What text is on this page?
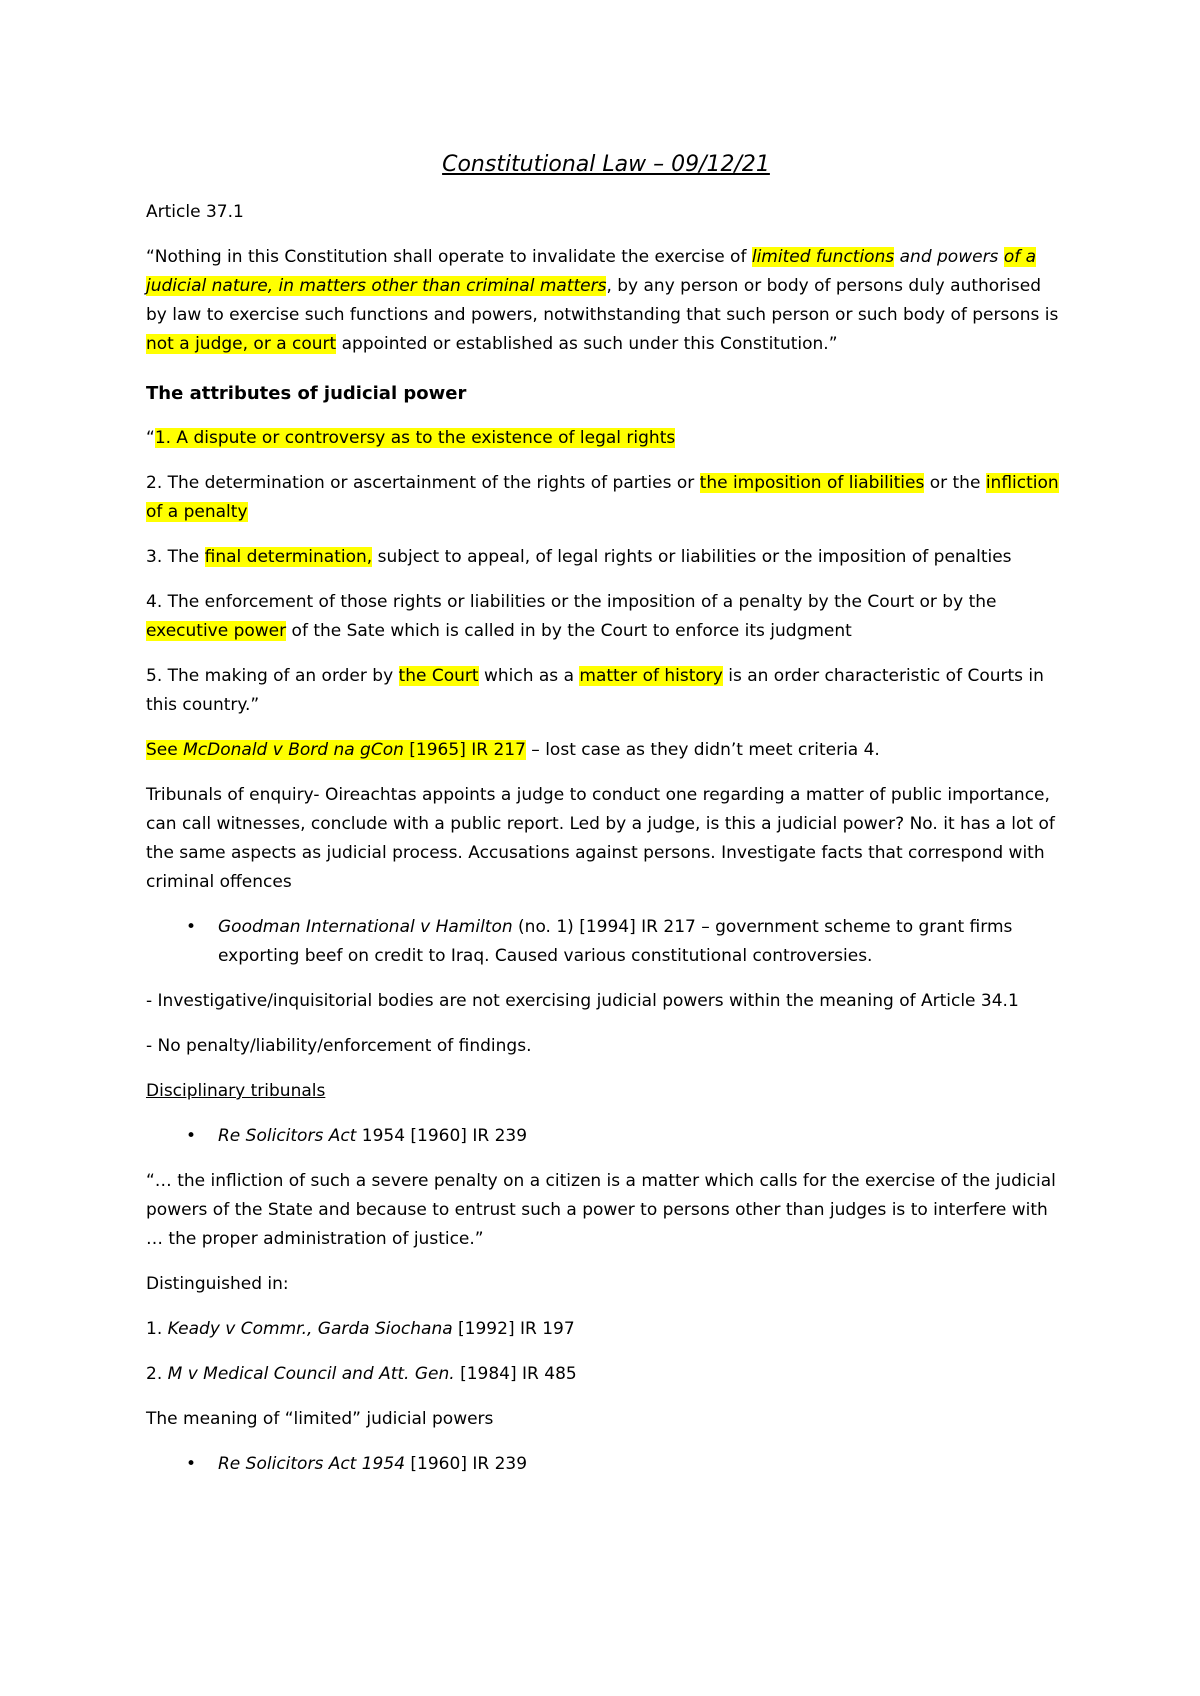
Constitutional Law – 09/12/21

Article 37.1

“Nothing in this Constitution shall operate to invalidate the exercise of limited functions and powers of a judicial nature, in matters other than criminal matters, by any person or body of persons duly authorised by law to exercise such functions and powers, notwithstanding that such person or such body of persons is not a judge, or a court appointed or established as such under this Constitution.”

The attributes of judicial power

“1. A dispute or controversy as to the existence of legal rights

2. The determination or ascertainment of the rights of parties or the imposition of liabilities or the infliction of a penalty

3. The final determination, subject to appeal, of legal rights or liabilities or the imposition of penalties

4. The enforcement of those rights or liabilities or the imposition of a penalty by the Court or by the executive power of the Sate which is called in by the Court to enforce its judgment

5. The making of an order by the Court which as a matter of history is an order characteristic of Courts in this country.”

See McDonald v Bord na gCon [1965] IR 217 – lost case as they didn’t meet criteria 4.

Tribunals of enquiry- Oireachtas appoints a judge to conduct one regarding a matter of public importance, can call witnesses, conclude with a public report. Led by a judge, is this a judicial power? No. it has a lot of the same aspects as judicial process. Accusations against persons. Investigate facts that correspond with criminal offences

• Goodman International v Hamilton (no. 1) [1994] IR 217 – government scheme to grant firms exporting beef on credit to Iraq. Caused various constitutional controversies.

- Investigative/inquisitorial bodies are not exercising judicial powers within the meaning of Article 34.1

- No penalty/liability/enforcement of findings.

Disciplinary tribunals

• Re Solicitors Act 1954 [1960] IR 239

“… the infliction of such a severe penalty on a citizen is a matter which calls for the exercise of the judicial powers of the State and because to entrust such a power to persons other than judges is to interfere with … the proper administration of justice.”

Distinguished in:

1. Keady v Commr., Garda Siochana [1992] IR 197

2. M v Medical Council and Att. Gen. [1984] IR 485

The meaning of “limited” judicial powers

• Re Solicitors Act 1954 [1960] IR 239
